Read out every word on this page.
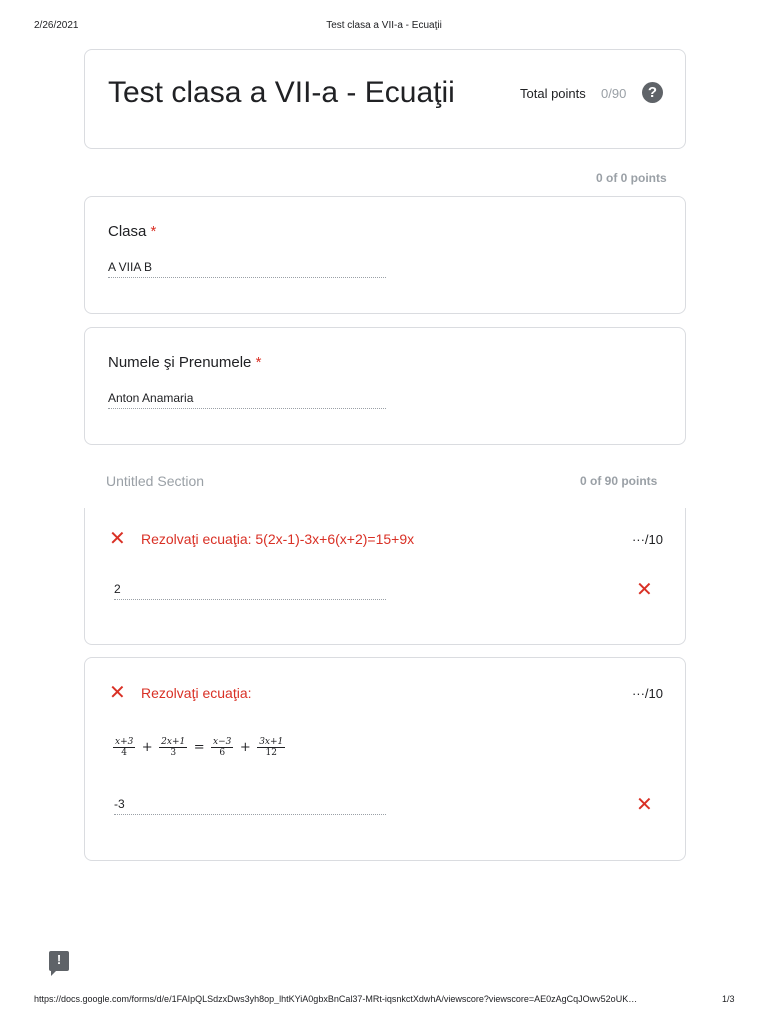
2/26/2021	Test clasa a VII-a - Ecuaţii
Test clasa a VII-a - Ecuaţii	Total points 0/90	?
0 of 0 points
Clasa *
A VIIA B
Numele şi Prenumele *
Anton Anamaria
Untitled Section	0 of 90 points
✕ Rezolvaţi ecuaţia: 5(2x-1)-3x+6(x+2)=15+9x	···/10
2	✕
✕ Rezolvaţi ecuaţia:	···/10
$\frac{x+3}{4} + \frac{2x+1}{3} = \frac{x-3}{6} + \frac{3x+1}{12}$
-3	✕
!
https://docs.google.com/forms/d/e/1FAIpQLSdzxDws3yh8op_lhtKYiA0gbxBnCal37-MRt-iqsnkctXdwhA/viewscore?viewscore=AE0zAgCqJOwv52oUK…	1/3
